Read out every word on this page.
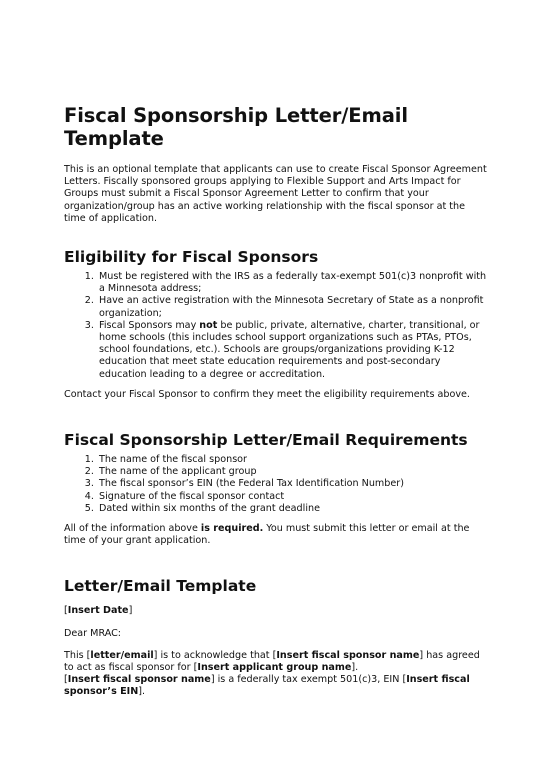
Fiscal Sponsorship Letter/Email Template

This is an optional template that applicants can use to create Fiscal Sponsor Agreement Letters. Fiscally sponsored groups applying to Flexible Support and Arts Impact for Groups must submit a Fiscal Sponsor Agreement Letter to confirm that your organization/group has an active working relationship with the fiscal sponsor at the time of application.

Eligibility for Fiscal Sponsors
1. Must be registered with the IRS as a federally tax-exempt 501(c)3 nonprofit with a Minnesota address;
2. Have an active registration with the Minnesota Secretary of State as a nonprofit organization;
3. Fiscal Sponsors may not be public, private, alternative, charter, transitional, or home schools (this includes school support organizations such as PTAs, PTOs, school foundations, etc.). Schools are groups/organizations providing K-12 education that meet state education requirements and post-secondary education leading to a degree or accreditation.

Contact your Fiscal Sponsor to confirm they meet the eligibility requirements above.

Fiscal Sponsorship Letter/Email Requirements
1. The name of the fiscal sponsor
2. The name of the applicant group
3. The fiscal sponsor’s EIN (the Federal Tax Identification Number)
4. Signature of the fiscal sponsor contact
5. Dated within six months of the grant deadline

All of the information above is required. You must submit this letter or email at the time of your grant application.

Letter/Email Template

[Insert Date]

Dear MRAC:

This [letter/email] is to acknowledge that [Insert fiscal sponsor name] has agreed to act as fiscal sponsor for [Insert applicant group name].
[Insert fiscal sponsor name] is a federally tax exempt 501(c)3, EIN [Insert fiscal sponsor’s EIN].
